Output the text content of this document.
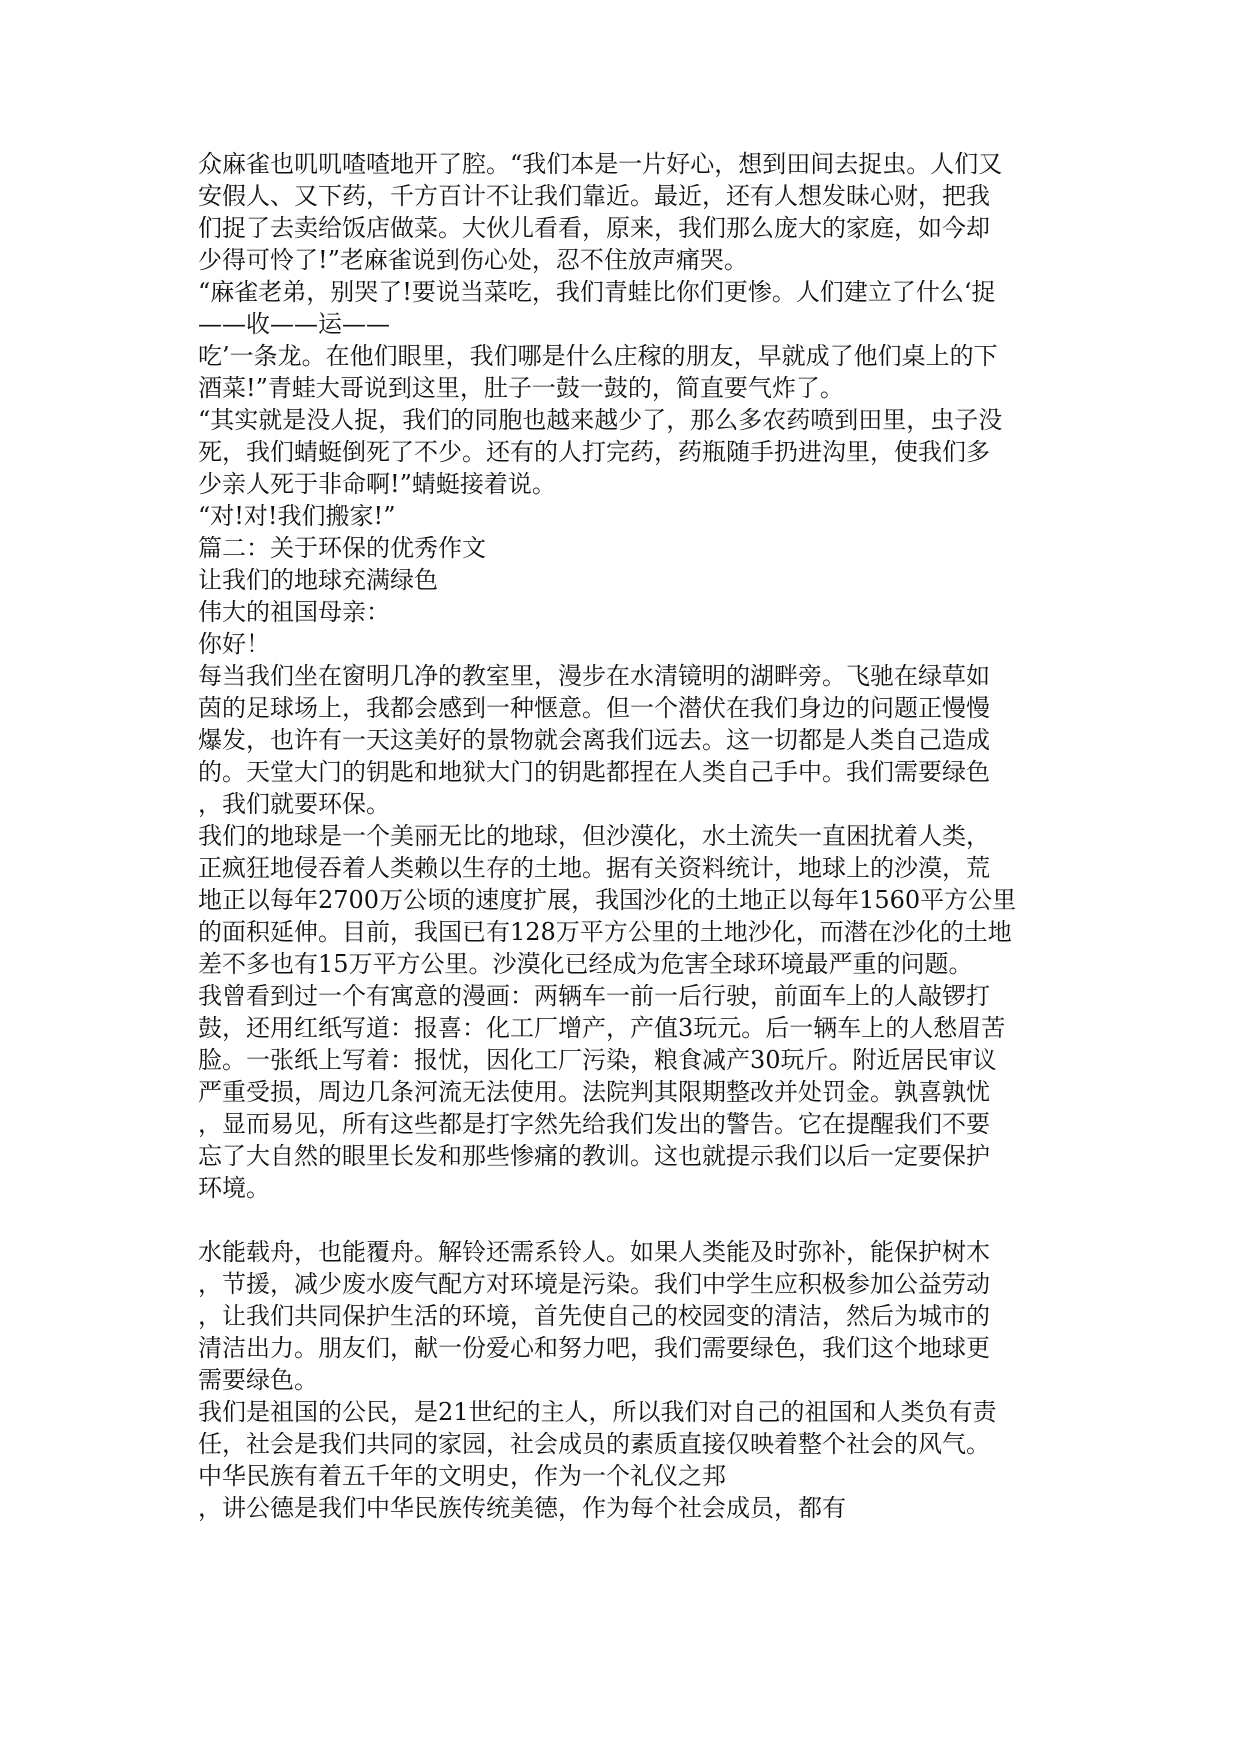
众麻雀也叽叽喳喳地开了腔。“我们本是一片好心，想到田间去捉虫。人们又
安假人、又下药，千方百计不让我们靠近。最近，还有人想发昧心财，把我
们捉了去卖给饭店做菜。大伙儿看看，原来，我们那么庞大的家庭，如今却
少得可怜了!”老麻雀说到伤心处，忍不住放声痛哭。
“麻雀老弟，别哭了!要说当菜吃，我们青蛙比你们更惨。人们建立了什么‘捉
——收——运——
吃’一条龙。在他们眼里，我们哪是什么庄稼的朋友，早就成了他们桌上的下
酒菜!”青蛙大哥说到这里，肚子一鼓一鼓的，简直要气炸了。
“其实就是没人捉，我们的同胞也越来越少了，那么多农药喷到田里，虫子没
死，我们蜻蜓倒死了不少。还有的人打完药，药瓶随手扔进沟里，使我们多
少亲人死于非命啊!”蜻蜓接着说。
“对!对!我们搬家!”
篇二：关于环保的优秀作文
让我们的地球充满绿色
伟大的祖国母亲：
你好！
每当我们坐在窗明几净的教室里，漫步在水清镜明的湖畔旁。飞驰在绿草如
茵的足球场上，我都会感到一种惬意。但一个潜伏在我们身边的问题正慢慢
爆发，也许有一天这美好的景物就会离我们远去。这一切都是人类自己造成
的。天堂大门的钥匙和地狱大门的钥匙都捏在人类自己手中。我们需要绿色
，我们就要环保。
我们的地球是一个美丽无比的地球，但沙漠化，水土流失一直困扰着人类，
正疯狂地侵吞着人类赖以生存的土地。据有关资料统计，地球上的沙漠，荒
地正以每年2700万公顷的速度扩展，我国沙化的土地正以每年1560平方公里
的面积延伸。目前，我国已有128万平方公里的土地沙化，而潜在沙化的土地
差不多也有15万平方公里。沙漠化已经成为危害全球环境最严重的问题。
我曾看到过一个有寓意的漫画：两辆车一前一后行驶，前面车上的人敲锣打
鼓，还用红纸写道：报喜：化工厂增产，产值3玩元。后一辆车上的人愁眉苦
脸。一张纸上写着：报忧，因化工厂污染，粮食减产30玩斤。附近居民审议
严重受损，周边几条河流无法使用。法院判其限期整改并处罚金。孰喜孰忧
，显而易见，所有这些都是打字然先给我们发出的警告。它在提醒我们不要
忘了大自然的眼里长发和那些惨痛的教训。这也就提示我们以后一定要保护
环境。
水能载舟，也能覆舟。解铃还需系铃人。如果人类能及时弥补，能保护树木
，节援，减少废水废气配方对环境是污染。我们中学生应积极参加公益劳动
，让我们共同保护生活的环境，首先使自己的校园变的清洁，然后为城市的
清洁出力。朋友们，献一份爱心和努力吧，我们需要绿色，我们这个地球更
需要绿色。
我们是祖国的公民，是21世纪的主人，所以我们对自己的祖国和人类负有责
任，社会是我们共同的家园，社会成员的素质直接仅映着整个社会的风气。
中华民族有着五千年的文明史，作为一个礼仪之邦
，讲公德是我们中华民族传统美德，作为每个社会成员，都有
